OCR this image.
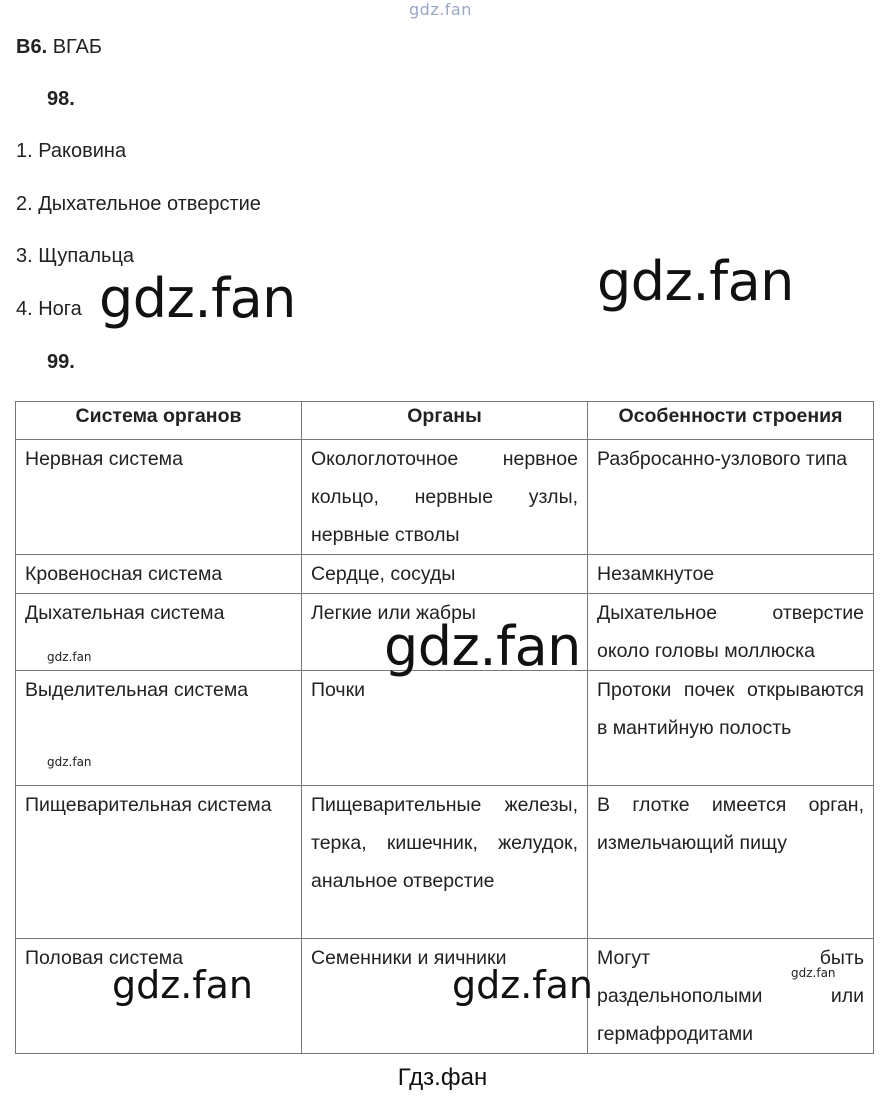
gdz.fan
В6. ВГАБ
98.
1. Раковина
2. Дыхательное отверстие
3. Щупальца
4. Нога	gdz.fan
gdz.fan
99.
Система органов	Органы	Особенности строения
Нервная система	Окологлоточное нервное кольцо, нервные узлы, нервные стволы	Разбросанно-узлового типа
Кровеносная система	Сердце, сосуды	Незамкнутое
Дыхательная система	Легкие или жабры	Дыхательное отверстие около головы моллюска
Выделительная система	Почки	Протоки почек открываются в мантийную полость
Пищеварительная система	Пищеварительные железы, терка, кишечник, желудок, анальное отверстие	В глотке имеется орган, измельчающий пищу
Половая система	Семенники и яичники	Могут быть раздельнополыми или гермафродитами
gdz.fan
gdz.fan	gdz.fan
gdz.fan
gdz.fan
gdz.fan
Гдз.фан
